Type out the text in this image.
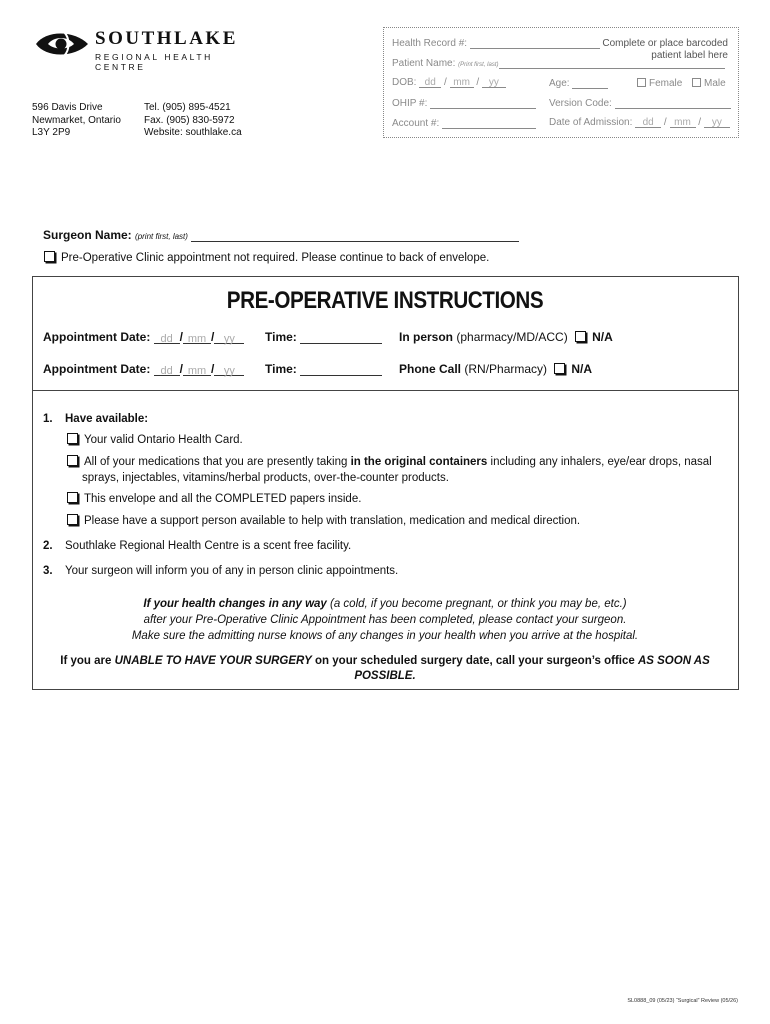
SOUTHLAKE
REGIONAL HEALTH CENTRE
596 Davis Drive
Newmarket, Ontario
L3Y 2P9
Tel. (905) 895-4521
Fax. (905) 830-5972
Website: southlake.ca
Health Record #:	Complete or place barcoded
patient label here
Patient Name: (Print first, last)
DOB: dd / mm / yy	Age:	Female	Male
OHIP #:	Version Code:
Account #:	Date of Admission: dd / mm / yy
Surgeon Name: (print first, last)
Pre-Operative Clinic appointment not required. Please continue to back of envelope.
PRE-OPERATIVE INSTRUCTIONS
Appointment Date: dd / mm / yy	Time:	In person (pharmacy/MD/ACC) N/A
Appointment Date: dd / mm / yy	Time:	Phone Call (RN/Pharmacy) N/A
1. Have available:
Your valid Ontario Health Card.
All of your medications that you are presently taking in the original containers including any inhalers, eye/ear drops, nasal
sprays, injectables, vitamins/herbal products, over-the-counter products.
This envelope and all the COMPLETED papers inside.
Please have a support person available to help with translation, medication and medical direction.
2. Southlake Regional Health Centre is a scent free facility.
3. Your surgeon will inform you of any in person clinic appointments.
If your health changes in any way (a cold, if you become pregnant, or think you may be, etc.)
after your Pre-Operative Clinic Appointment has been completed, please contact your surgeon.
Make sure the admitting nurse knows of any changes in your health when you arrive at the hospital.
If you are UNABLE TO HAVE YOUR SURGERY on your scheduled surgery date, call your surgeon’s office AS SOON AS POSSIBLE.
SL0888_09 (05/23) “Surgical” Review (05/26)
